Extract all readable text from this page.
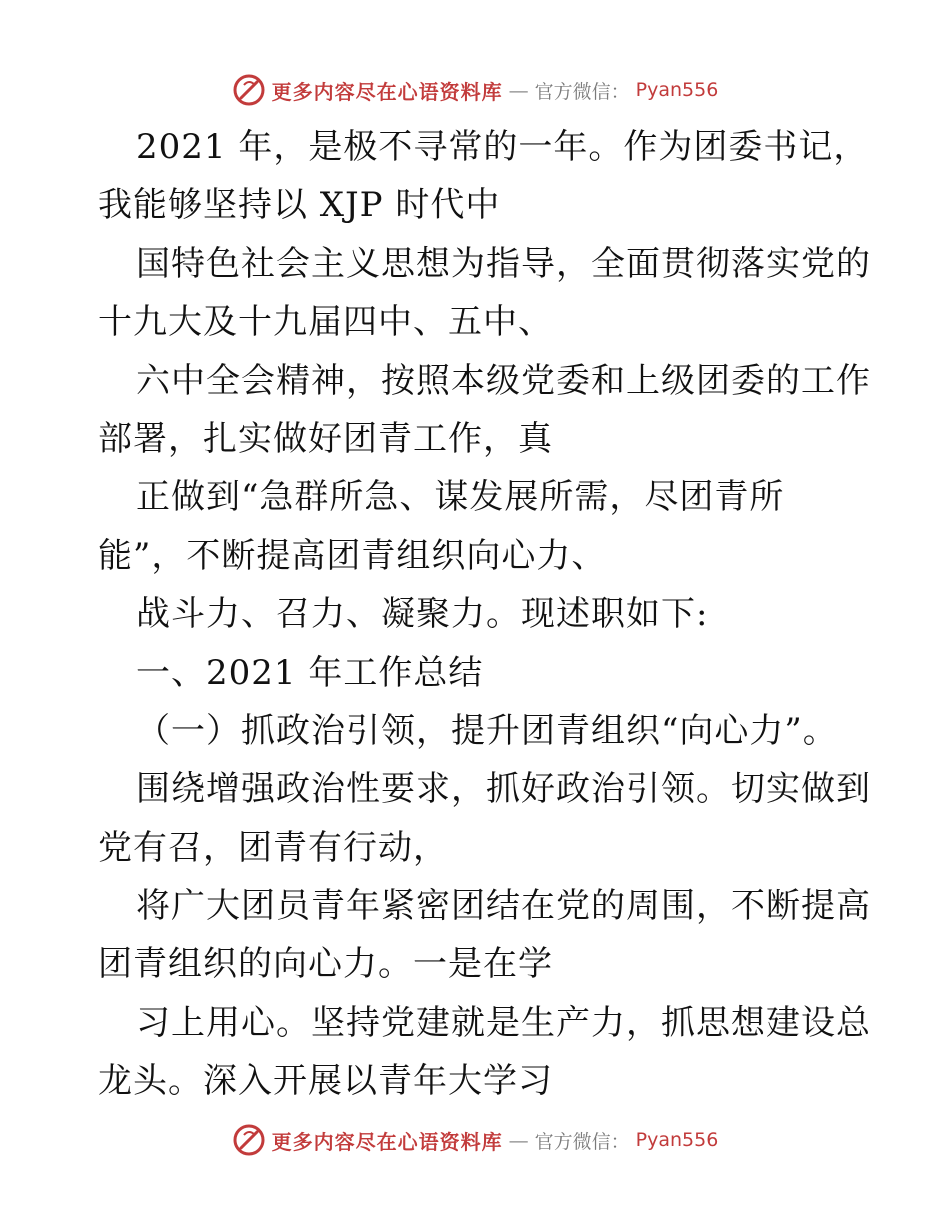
更多内容尽在心语资料库 — 官方微信： Pyan556
2021 年，是极不寻常的一年。作为团委书记，
我能够坚持以 XJP 时代中
国特色社会主义思想为指导，全面贯彻落实党的
十九大及十九届四中、五中、
六中全会精神，按照本级党委和上级团委的工作
部署，扎实做好团青工作，真
正做到“急群所急、谋发展所需，尽团青所
能”，不断提高团青组织向心力、
战斗力、召力、凝聚力。现述职如下:
一、2021 年工作总结
（一）抓政治引领，提升团青组织“向心力”。
围绕增强政治性要求，抓好政治引领。切实做到
党有召，团青有行动，
将广大团员青年紧密团结在党的周围，不断提高
团青组织的向心力。一是在学
习上用心。坚持党建就是生产力，抓思想建设总
龙头。深入开展以青年大学习
更多内容尽在心语资料库 — 官方微信： Pyan556
